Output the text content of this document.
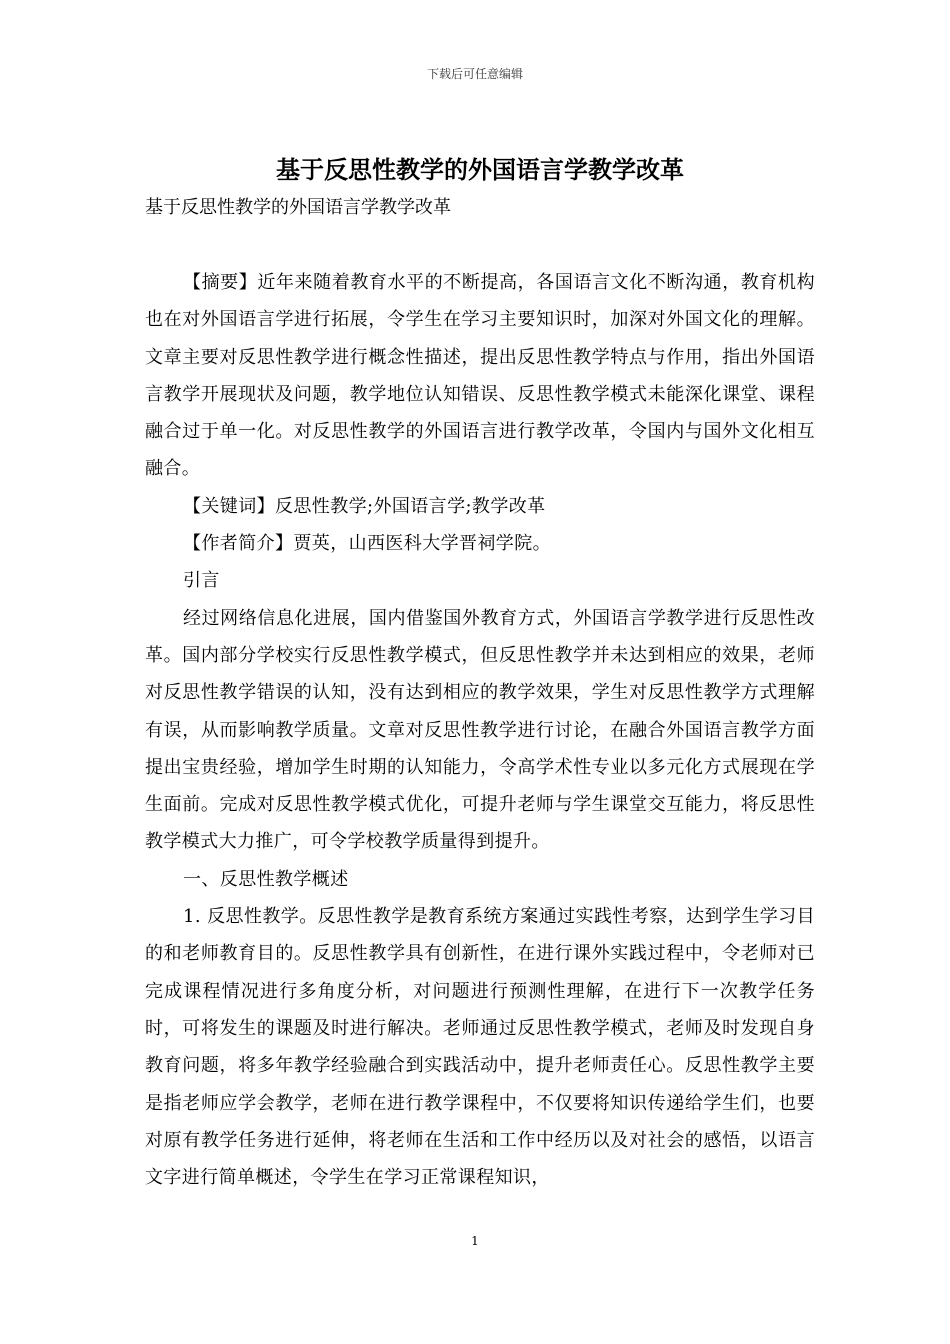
下载后可任意编辑
基于反思性教学的外国语言学教学改革

基于反思性教学的外国语言学教学改革

【摘要】近年来随着教育水平的不断提高，各国语言文化不断沟通，教育机构也在对外国语言学进行拓展，令学生在学习主要知识时，加深对外国文化的理解。文章主要对反思性教学进行概念性描述，提出反思性教学特点与作用，指出外国语言教学开展现状及问题，教学地位认知错误、反思性教学模式未能深化课堂、课程融合过于单一化。对反思性教学的外国语言进行教学改革，令国内与国外文化相互融合。

【关键词】反思性教学;外国语言学;教学改革

【作者简介】贾英，山西医科大学晋祠学院。

引言

经过网络信息化进展，国内借鉴国外教育方式，外国语言学教学进行反思性改革。国内部分学校实行反思性教学模式，但反思性教学并未达到相应的效果，老师对反思性教学错误的认知，没有达到相应的教学效果，学生对反思性教学方式理解有误，从而影响教学质量。文章对反思性教学进行讨论，在融合外国语言教学方面提出宝贵经验，增加学生时期的认知能力，令高学术性专业以多元化方式展现在学生面前。完成对反思性教学模式优化，可提升老师与学生课堂交互能力，将反思性教学模式大力推广，可令学校教学质量得到提升。

一、反思性教学概述

1. 反思性教学。反思性教学是教育系统方案通过实践性考察，达到学生学习目的和老师教育目的。反思性教学具有创新性，在进行课外实践过程中，令老师对已完成课程情况进行多角度分析，对问题进行预测性理解，在进行下一次教学任务时，可将发生的课题及时进行解决。老师通过反思性教学模式，老师及时发现自身教育问题，将多年教学经验融合到实践活动中，提升老师责任心。反思性教学主要是指老师应学会教学，老师在进行教学课程中，不仅要将知识传递给学生们，也要对原有教学任务进行延伸，将老师在生活和工作中经历以及对社会的感悟，以语言文字进行简单概述，令学生在学习正常课程知识，

1
